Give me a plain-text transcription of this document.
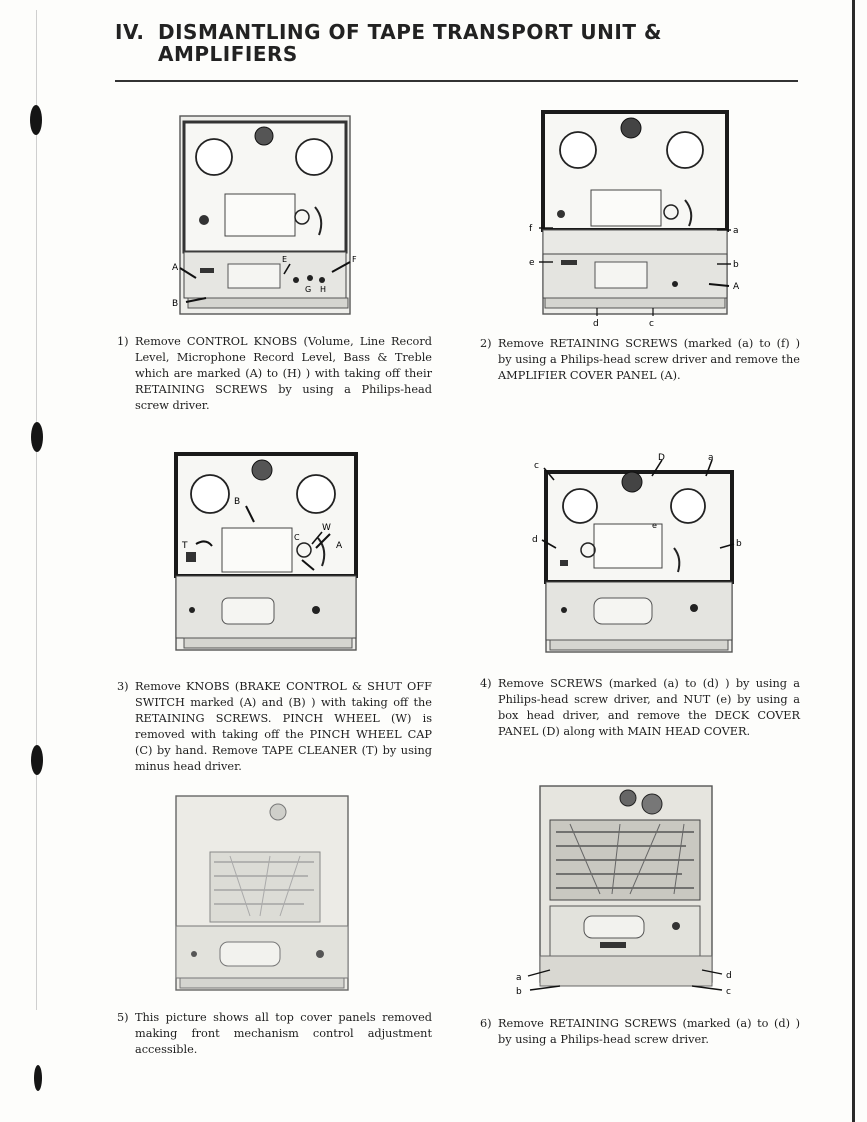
IV. DISMANTLING OF TAPE TRANSPORT UNIT &
AMPLIFIERS
A
B
E	F
G H

1) Remove CONTROL KNOBS (Volume, Line Record Level, Microphone Record Level, Bass & Treble which are marked (A) to (H) ) with taking off their RETAINING SCREWS by using a Philips-head screw driver.

f	a
e	b
A
d	c

2) Remove RETAINING SCREWS (marked (a) to (f) ) by using a Philips-head screw driver and remove the AMPLIFIER COVER PANEL (A).

B
W
A
T
C

3) Remove KNOBS (BRAKE CONTROL & SHUT OFF SWITCH marked (A) and (B) ) with taking off the RETAINING SCREWS. PINCH WHEEL (W) is removed with taking off the PINCH WHEEL CAP (C) by hand. Remove TAPE CLEANER (T) by using minus head driver.

D	a
c
d	b
e

4) Remove SCREWS (marked (a) to (d) ) by using a Philips-head screw driver, and NUT (e) by using a box head driver, and remove the DECK COVER PANEL (D) along with MAIN HEAD COVER.

5) This picture shows all top cover panels removed making front mechanism control adjustment accessible.

a	d
b	c

6) Remove RETAINING SCREWS (marked (a) to (d) ) by using a Philips-head screw driver.
